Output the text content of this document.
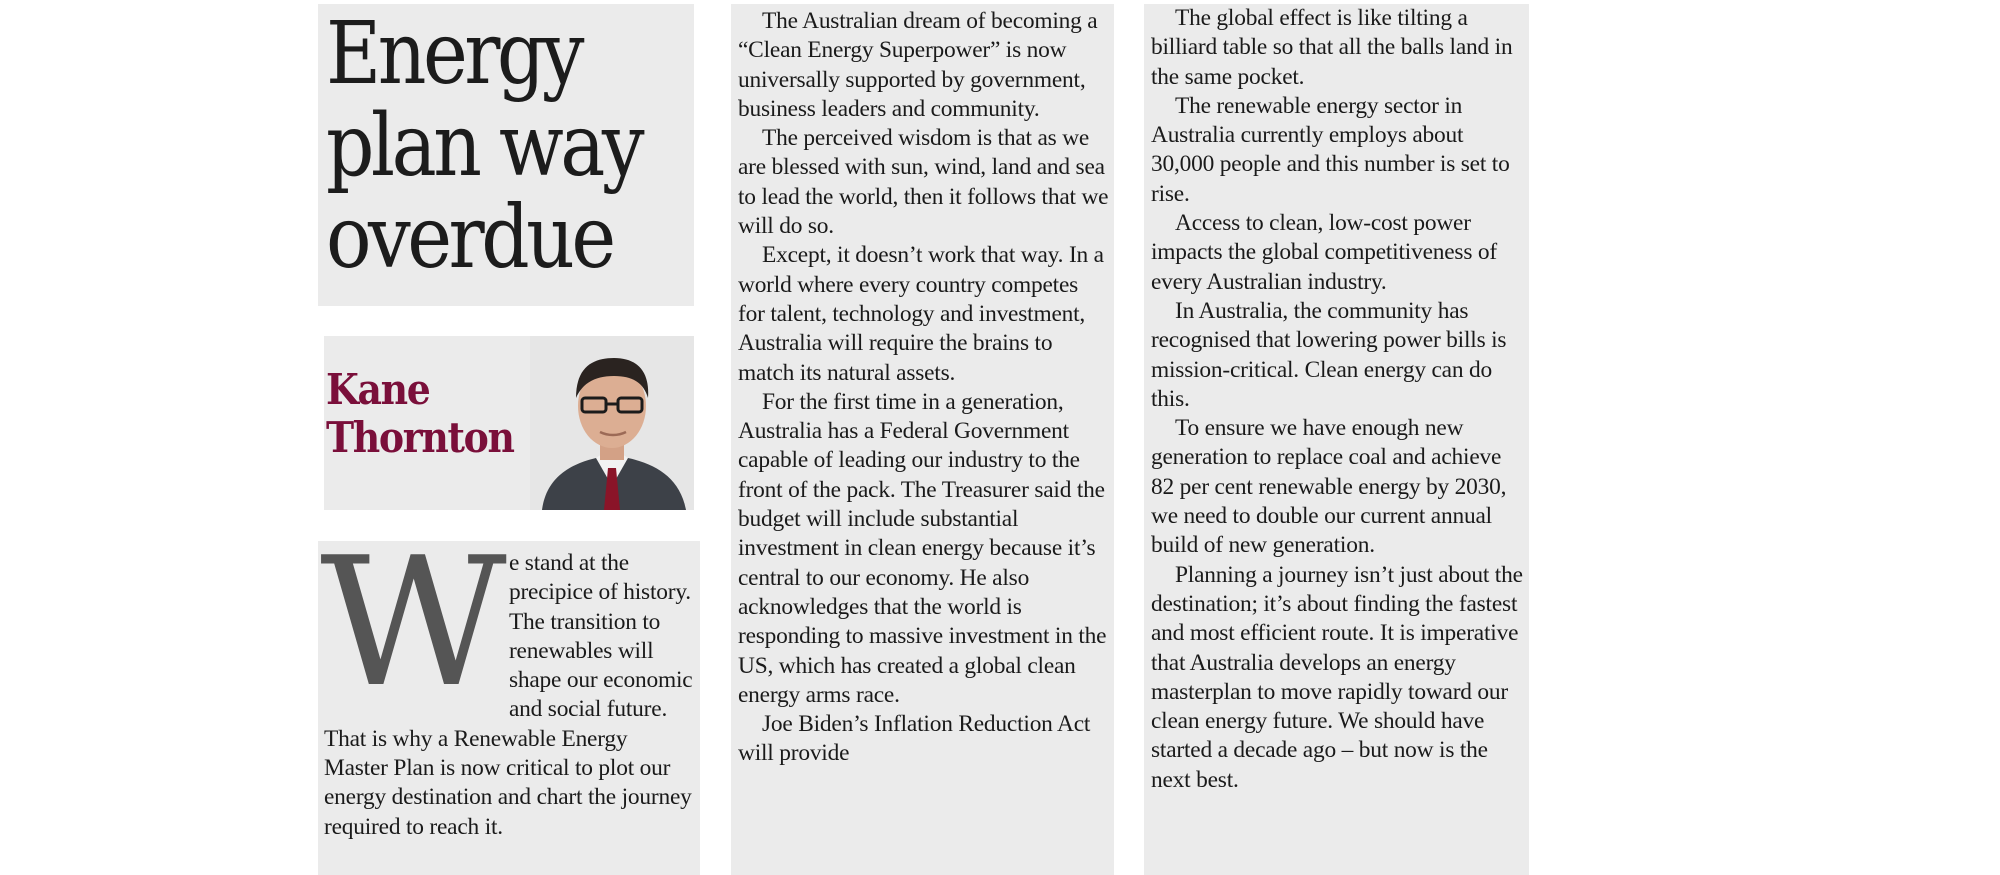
Energy
plan way
overdue
Kane
Thornton
W e stand at the precipice of history. The transition to renewables will shape our economic and social future. That is why a Renewable Energy Master Plan is now critical to plot our energy destination and chart the journey required to reach it.

The Australian dream of becoming a “Clean Energy Superpower” is now universally supported by government, business leaders and community.

The perceived wisdom is that as we are blessed with sun, wind, land and sea to lead the world, then it follows that we will do so.

Except, it doesn’t work that way. In a world where every country competes for talent, technology and investment, Australia will require the brains to match its natural assets.

For the first time in a generation, Australia has a Federal Government capable of leading our industry to the front of the pack. The Treasurer said the budget will include substantial investment in clean energy because it’s central to our economy. He also acknowledges that the world is responding to massive investment in the US, which has created a global clean energy arms race.

Joe Biden’s Inflation Reduction Act will provide

The global effect is like tilting a billiard table so that all the balls land in the same pocket.

The renewable energy sector in Australia currently employs about 30,000 people and this number is set to rise.

Access to clean, low-cost power impacts the global competitiveness of every Australian industry.

In Australia, the community has recognised that lowering power bills is mission-critical. Clean energy can do this.

To ensure we have enough new generation to replace coal and achieve 82 per cent renewable energy by 2030, we need to double our current annual build of new generation.

Planning a journey isn’t just about the destination; it’s about finding the fastest and most efficient route. It is imperative that Australia develops an energy masterplan to move rapidly toward our clean energy future. We should have started a decade ago – but now is the next best.
